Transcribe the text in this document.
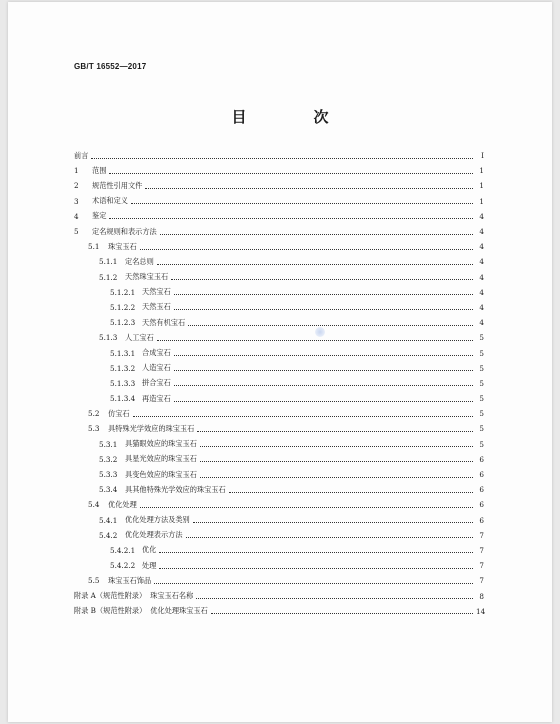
GB/T 16552—2017
目　次
前言	Ⅰ
1	范围	1
2	规范性引用文件	1
3	术语和定义	1
4	鉴定	4
5	定名规则和表示方法	4
5.1	珠宝玉石	4
5.1.1 定名总则	4
5.1.2 天然珠宝玉石	4
5.1.2.1 天然宝石	4
5.1.2.2 天然玉石	4
5.1.2.3 天然有机宝石	4
5.1.3 人工宝石	5
5.1.3.1 合成宝石	5
5.1.3.2 人造宝石	5
5.1.3.3 拼合宝石	5
5.1.3.4 再造宝石	5
5.2	仿宝石	5
5.3	具特殊光学效应的珠宝玉石	5
5.3.1 具猫眼效应的珠宝玉石	5
5.3.2 具星光效应的珠宝玉石	6
5.3.3 具变色效应的珠宝玉石	6
5.3.4 具其他特殊光学效应的珠宝玉石	6
5.4	优化处理	6
5.4.1 优化处理方法及类别	6
5.4.2 优化处理表示方法	7
5.4.2.1 优化	7
5.4.2.2 处理	7
5.5	珠宝玉石饰品	7
附录 A（规范性附录） 珠宝玉石名称	8
附录 B（规范性附录） 优化处理珠宝玉石	14
